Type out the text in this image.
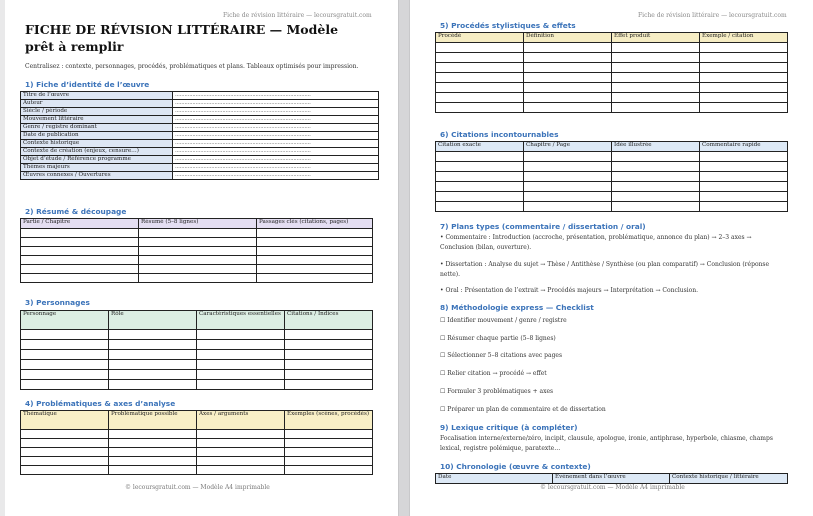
Fiche de révision littéraire — lecoursgratuit.com
FICHE DE RÉVISION LITTÉRAIRE — Modèle prêt à remplir
Centralisez : contexte, personnages, procédés, problématiques et plans. Tableaux optimisés pour impression.
1) Fiche d’identité de l’œuvre
Titre de l’œuvre	......................................................................................
Auteur	......................................................................................
Siècle / période	......................................................................................
Mouvement littéraire	......................................................................................
Genre / registre dominant	......................................................................................
Date de publication	......................................................................................
Contexte historique	......................................................................................
Contexte de création (enjeux, censure…)	......................................................................................
Objet d’étude / Référence programme	......................................................................................
Thèmes majeurs	......................................................................................
Œuvres connexes / Ouvertures	......................................................................................
2) Résumé & découpage
Partie / Chapitre	Résumé (5–8 lignes)	Passages clés (citations, pages)

3) Personnages
Personnage	Rôle	Caractéristiques essentielles	Citations / Indices

4) Problématiques & axes d’analyse
Thématique	Problématique possible	Axes / arguments	Exemples (scènes, procédés)

© lecoursgratuit.com — Modèle A4 imprimable
Fiche de révision littéraire — lecoursgratuit.com
5) Procédés stylistiques & effets
Procédé	Définition	Effet produit	Exemple / citation

6) Citations incontournables
Citation exacte	Chapitre / Page	Idée illustrée	Commentaire rapide

7) Plans types (commentaire / dissertation / oral)
• Commentaire : Introduction (accroche, présentation, problématique, annonce du plan) → 2–3 axes → Conclusion (bilan, ouverture).
• Dissertation : Analyse du sujet → Thèse / Antithèse / Synthèse (ou plan comparatif) → Conclusion (réponse nette).
• Oral : Présentation de l’extrait → Procédés majeurs → Interprétation → Conclusion.
8) Méthodologie express — Checklist
☐ Identifier mouvement / genre / registre
☐ Résumer chaque partie (5–8 lignes)
☐ Sélectionner 5–8 citations avec pages
☐ Relier citation → procédé → effet
☐ Formuler 3 problématiques + axes
☐ Préparer un plan de commentaire et de dissertation
9) Lexique critique (à compléter)
Focalisation interne/externe/zéro, incipit, clausule, apologue, ironie, antiphrase, hyperbole, chiasme, champs lexical, registre polémique, paratexte…
10) Chronologie (œuvre & contexte)
Date	Événement dans l’œuvre	Contexte historique / littéraire
© lecoursgratuit.com — Modèle A4 imprimable
